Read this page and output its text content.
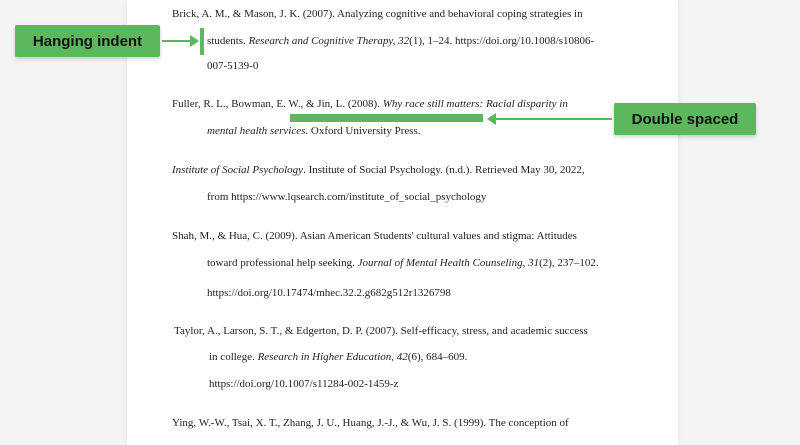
Brick, A. M., & Mason, J. K. (2007). Analyzing cognitive and behavioral coping strategies in
students. Research and Cognitive Therapy, 32(1), 1–24. https://doi.org/10.1008/s10806-
007-5139-0
Fuller, R. L., Bowman, E. W., & Jin, L. (2008). Why race still matters: Racial disparity in
mental health services. Oxford University Press.
Institute of Social Psychology. Institute of Social Psychology. (n.d.). Retrieved May 30, 2022,
from https://www.lqsearch.com/institute_of_social_psychology
Shah, M., & Hua, C. (2009). Asian American Students' cultural values and stigma: Attitudes
toward professional help seeking. Journal of Mental Health Counseling, 31(2), 237–102.
https://doi.org/10.17474/mhec.32.2.g682g512r1326798
Taylor, A., Larson, S. T., & Edgerton, D. P. (2007). Self-efficacy, stress, and academic success
in college. Research in Higher Education, 42(6), 684–609.
https://doi.org/10.1007/s11284-002-1459-z
Ying, W.-W., Tsai, X. T., Zhang, J. U., Huang, J.-J., & Wu, J. S. (1999). The conception of
Hanging indent
Double spaced
